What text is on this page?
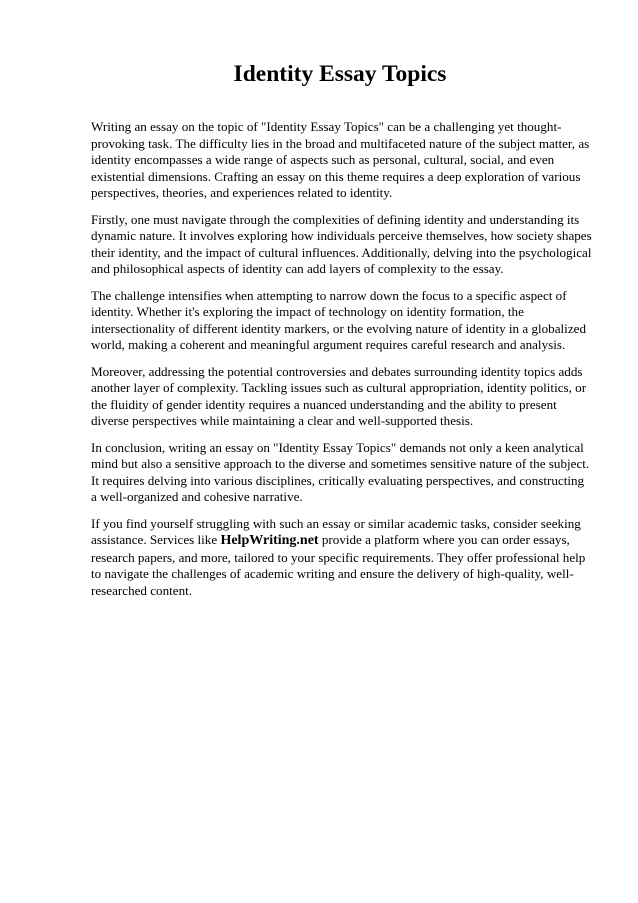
Identity Essay Topics

Writing an essay on the topic of "Identity Essay Topics" can be a challenging yet thought-provoking task. The difficulty lies in the broad and multifaceted nature of the subject matter, as identity encompasses a wide range of aspects such as personal, cultural, social, and even existential dimensions. Crafting an essay on this theme requires a deep exploration of various perspectives, theories, and experiences related to identity.

Firstly, one must navigate through the complexities of defining identity and understanding its dynamic nature. It involves exploring how individuals perceive themselves, how society shapes their identity, and the impact of cultural influences. Additionally, delving into the psychological and philosophical aspects of identity can add layers of complexity to the essay.

The challenge intensifies when attempting to narrow down the focus to a specific aspect of identity. Whether it's exploring the impact of technology on identity formation, the intersectionality of different identity markers, or the evolving nature of identity in a globalized world, making a coherent and meaningful argument requires careful research and analysis.

Moreover, addressing the potential controversies and debates surrounding identity topics adds another layer of complexity. Tackling issues such as cultural appropriation, identity politics, or the fluidity of gender identity requires a nuanced understanding and the ability to present diverse perspectives while maintaining a clear and well-supported thesis.

In conclusion, writing an essay on "Identity Essay Topics" demands not only a keen analytical mind but also a sensitive approach to the diverse and sometimes sensitive nature of the subject. It requires delving into various disciplines, critically evaluating perspectives, and constructing a well-organized and cohesive narrative.

If you find yourself struggling with such an essay or similar academic tasks, consider seeking assistance. Services like HelpWriting.net provide a platform where you can order essays, research papers, and more, tailored to your specific requirements. They offer professional help to navigate the challenges of academic writing and ensure the delivery of high-quality, well-researched content.
